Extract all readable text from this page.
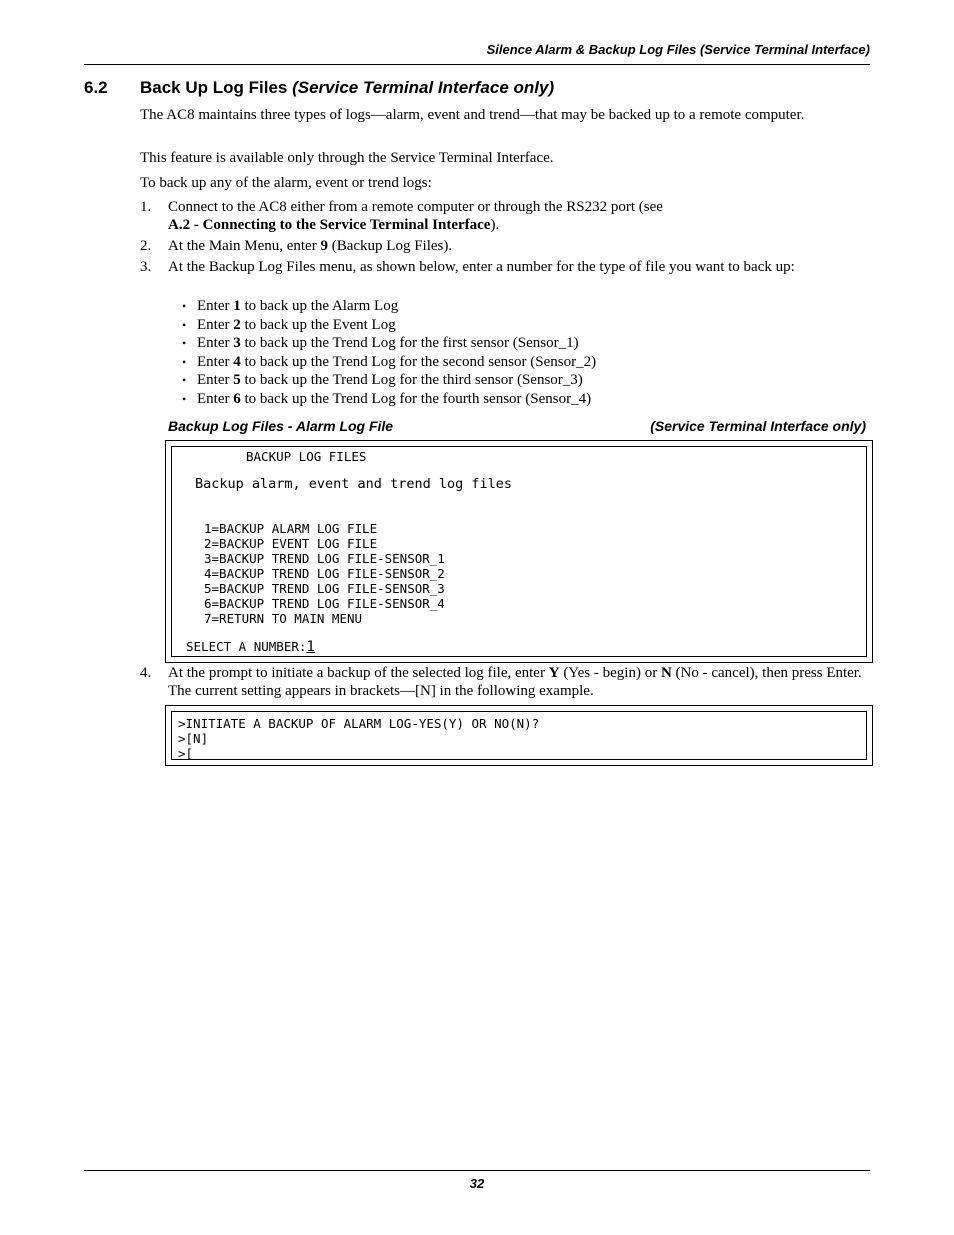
Silence Alarm & Backup Log Files (Service Terminal Interface)
6.2 Back Up Log Files (Service Terminal Interface only)

The AC8 maintains three types of logs—alarm, event and trend—that may be backed up to a remote computer.

This feature is available only through the Service Terminal Interface.

To back up any of the alarm, event or trend logs:

1. Connect to the AC8 either from a remote computer or through the RS232 port (see
A.2 - Connecting to the Service Terminal Interface).
2. At the Main Menu, enter 9 (Backup Log Files).
3. At the Backup Log Files menu, as shown below, enter a number for the type of file you want to back up:
• Enter 1 to back up the Alarm Log
• Enter 2 to back up the Event Log
• Enter 3 to back up the Trend Log for the first sensor (Sensor_1)
• Enter 4 to back up the Trend Log for the second sensor (Sensor_2)
• Enter 5 to back up the Trend Log for the third sensor (Sensor_3)
• Enter 6 to back up the Trend Log for the fourth sensor (Sensor_4)
Backup Log Files - Alarm Log File	(Service Terminal Interface only)
BACKUP LOG FILES
Backup alarm, event and trend log files
1=BACKUP ALARM LOG FILE
2=BACKUP EVENT LOG FILE
3=BACKUP TREND LOG FILE-SENSOR_1
4=BACKUP TREND LOG FILE-SENSOR_2
5=BACKUP TREND LOG FILE-SENSOR_3
6=BACKUP TREND LOG FILE-SENSOR_4
7=RETURN TO MAIN MENU
SELECT A NUMBER:1
4. At the prompt to initiate a backup of the selected log file, enter Y (Yes - begin) or N (No - cancel), then press Enter. The current setting appears in brackets—[N] in the following example.
>INITIATE A BACKUP OF ALARM LOG-YES(Y) OR NO(N)?
>[N]
>[
32
